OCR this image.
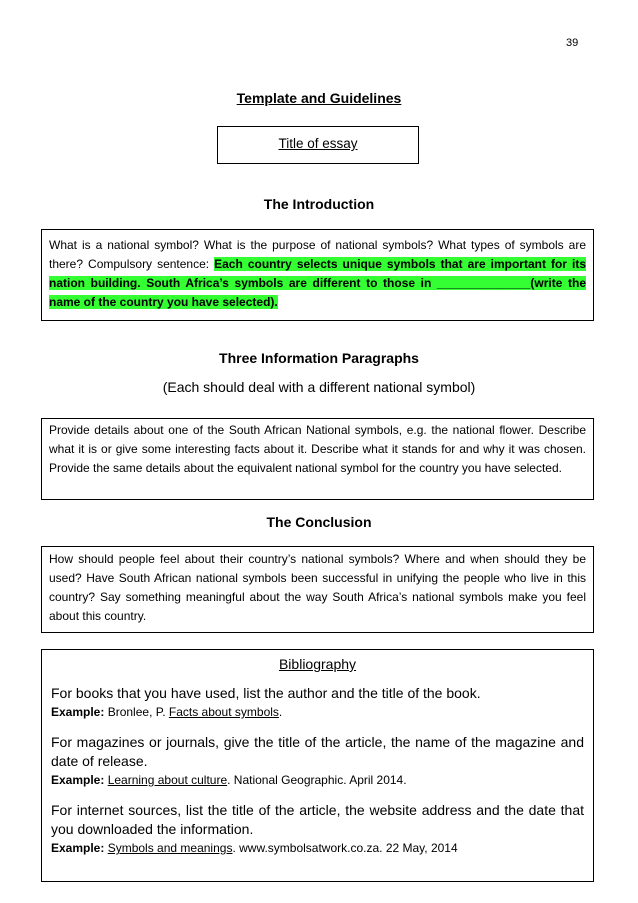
39
Template and Guidelines
Title of essay
The Introduction

What is a national symbol? What is the purpose of national symbols? What types of symbols are there? Compulsory sentence: Each country selects unique symbols that are important for its nation building. South Africa’s symbols are different to those in ______________(write the name of the country you have selected).

Three Information Paragraphs
(Each should deal with a different national symbol)

Provide details about one of the South African National symbols, e.g. the national flower. Describe what it is or give some interesting facts about it. Describe what it stands for and why it was chosen. Provide the same details about the equivalent national symbol for the country you have selected.

The Conclusion

How should people feel about their country’s national symbols? Where and when should they be used? Have South African national symbols been successful in unifying the people who live in this country? Say something meaningful about the way South Africa’s national symbols make you feel about this country.

Bibliography

For books that you have used, list the author and the title of the book.

Example: Bronlee, P. Facts about symbols.

For magazines or journals, give the title of the article, the name of the magazine and date of release.

Example: Learning about culture. National Geographic. April 2014.

For internet sources, list the title of the article, the website address and the date that you downloaded the information.

Example: Symbols and meanings. www.symbolsatwork.co.za. 22 May, 2014
